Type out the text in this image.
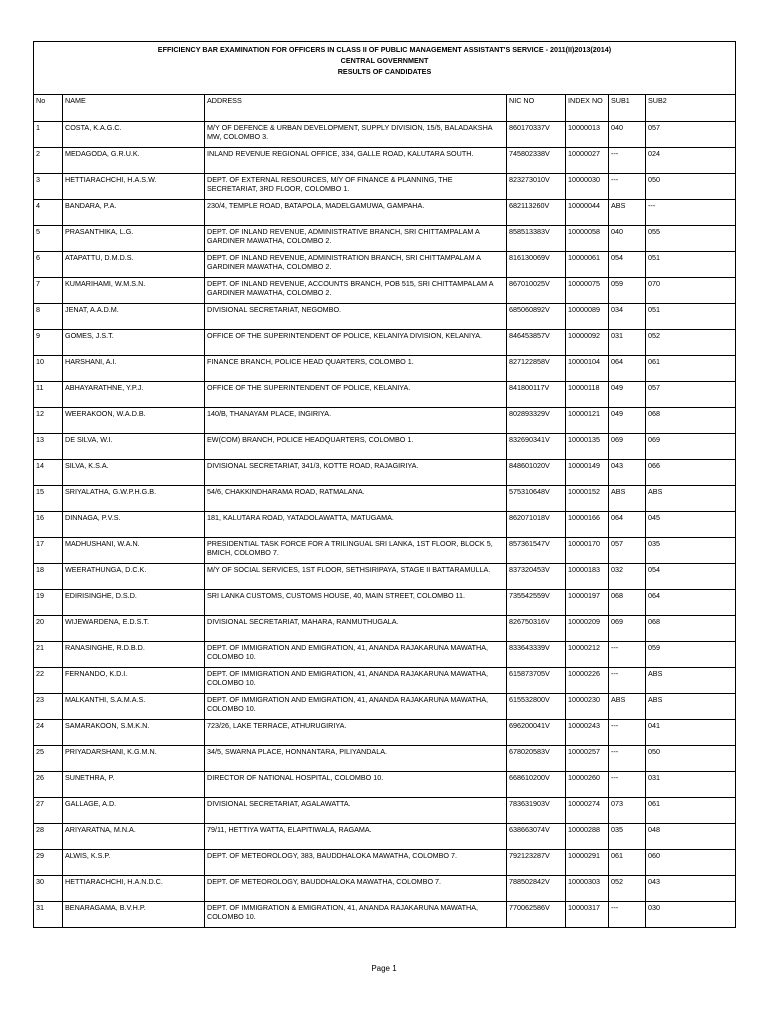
EFFICIENCY BAR EXAMINATION FOR OFFICERS IN CLASS II OF PUBLIC MANAGEMENT ASSISTANT'S SERVICE - 2011(II)2013(2014)
CENTRAL GOVERNMENT
RESULTS OF CANDIDATES						

No	NAME	ADDRESS	NIC NO	INDEX NO	SUB1	SUB2
1	COSTA, K.A.G.C.	M/Y OF DEFENCE & URBAN DEVELOPMENT, SUPPLY DIVISION, 15/5, BALADAKSHA MW, COLOMBO 3.	860170337V	10000013	040	057
2	MEDAGODA, G.R.U.K.	INLAND REVENUE REGIONAL OFFICE, 334, GALLE ROAD, KALUTARA SOUTH.	745802338V	10000027	---	024
3	HETTIARACHCHI, H.A.S.W.	DEPT. OF EXTERNAL RESOURCES, M/Y OF FINANCE & PLANNING, THE SECRETARIAT, 3RD FLOOR, COLOMBO 1.	823273010V	10000030	---	050
4	BANDARA, P.A.	230/4, TEMPLE ROAD, BATAPOLA, MADELGAMUWA, GAMPAHA.	682113260V	10000044	ABS	---
5	PRASANTHIKA, L.G.	DEPT. OF INLAND REVENUE, ADMINISTRATIVE BRANCH, SRI CHITTAMPALAM A GARDINER MAWATHA, COLOMBO 2.	858513383V	10000058	040	055
6	ATAPATTU, D.M.D.S.	DEPT. OF INLAND REVENUE, ADMINISTRATION BRANCH, SRI CHITTAMPALAM A GARDINER MAWATHA, COLOMBO 2.	816130069V	10000061	054	051
7	KUMARIHAMI, W.M.S.N.	DEPT. OF INLAND REVENUE, ACCOUNTS BRANCH, POB 515, SRI CHITTAMPALAM A GARDINER MAWATHA, COLOMBO 2.	867010025V	10000075	059	070
8	JENAT, A.A.D.M.	DIVISIONAL SECRETARIAT, NEGOMBO.	685060892V	10000089	034	051
9	GOMES, J.S.T.	OFFICE OF THE SUPERINTENDENT OF POLICE, KELANIYA DIVISION, KELANIYA.	846453857V	10000092	031	052
10	HARSHANI, A.I.	FINANCE BRANCH, POLICE HEAD QUARTERS, COLOMBO 1.	827122858V	10000104	064	061
11	ABHAYARATHNE, Y.P.J.	OFFICE OF THE SUPERINTENDENT OF POLICE, KELANIYA.	841800117V	10000118	049	057
12	WEERAKOON, W.A.D.B.	140/B, THANAYAM PLACE, INGIRIYA.	802893329V	10000121	049	068
13	DE SILVA, W.I.	EW(COM) BRANCH, POLICE HEADQUARTERS, COLOMBO 1.	832690341V	10000135	069	069
14	SILVA, K.S.A.	DIVISIONAL SECRETARIAT, 341/3, KOTTE ROAD, RAJAGIRIYA.	848601020V	10000149	043	066
15	SRIYALATHA, G.W.P.H.G.B.	54/6, CHAKKINDHARAMA ROAD, RATMALANA.	575310648V	10000152	ABS	ABS
16	DINNAGA, P.V.S.	181, KALUTARA ROAD, YATADOLAWATTA, MATUGAMA.	862071018V	10000166	064	045
17	MADHUSHANI, W.A.N.	PRESIDENTIAL TASK FORCE FOR A TRILINGUAL SRI LANKA, 1ST FLOOR, BLOCK 5, BMICH, COLOMBO 7.	857361547V	10000170	057	035
18	WEERATHUNGA, D.C.K.	M/Y OF SOCIAL SERVICES, 1ST FLOOR, SETHSIRIPAYA, STAGE II BATTARAMULLA.	837320453V	10000183	032	054
19	EDIRISINGHE, D.S.D.	SRI LANKA CUSTOMS, CUSTOMS HOUSE, 40, MAIN STREET, COLOMBO 11.	735542559V	10000197	068	064
20	WIJEWARDENA, E.D.S.T.	DIVISIONAL SECRETARIAT, MAHARA, RANMUTHUGALA.	826750316V	10000209	069	068
21	RANASINGHE, R.D.B.D.	DEPT. OF IMMIGRATION AND EMIGRATION, 41, ANANDA RAJAKARUNA MAWATHA, COLOMBO 10.	833643339V	10000212	---	059
22	FERNANDO, K.D.I.	DEPT. OF IMMIGRATION AND EMIGRATION, 41, ANANDA RAJAKARUNA MAWATHA, COLOMBO 10.	615873705V	10000226	---	ABS
23	MALKANTHI, S.A.M.A.S.	DEPT. OF IMMIGRATION AND EMIGRATION, 41, ANANDA RAJAKARUNA MAWATHA, COLOMBO 10.	615532800V	10000230	ABS	ABS
24	SAMARAKOON, S.M.K.N.	723/26, LAKE TERRACE, ATHURUGIRIYA.	696200041V	10000243	---	041
25	PRIYADARSHANI, K.G.M.N.	34/5, SWARNA PLACE, HONNANTARA, PILIYANDALA.	678020583V	10000257	---	050
26	SUNETHRA, P.	DIRECTOR OF NATIONAL HOSPITAL, COLOMBO 10.	668610200V	10000260	---	031
27	GALLAGE, A.D.	DIVISIONAL SECRETARIAT, AGALAWATTA.	783631903V	10000274	073	061
28	ARIYARATNA, M.N.A.	79/11, HETTIYA WATTA, ELAPITIWALA, RAGAMA.	638663074V	10000288	035	048
29	ALWIS, K.S.P.	DEPT. OF METEOROLOGY, 383, BAUDDHALOKA MAWATHA, COLOMBO 7.	792123287V	10000291	061	060
30	HETTIARACHCHI, H.A.N.D.C.	DEPT. OF METEOROLOGY, BAUDDHALOKA MAWATHA, COLOMBO 7.	788502842V	10000303	052	043
31	BENARAGAMA, B.V.H.P.	DEPT. OF IMMIGRATION & EMIGRATION, 41, ANANDA RAJAKARUNA MAWATHA, COLOMBO 10.	770062586V	10000317	---	030
Page 1
